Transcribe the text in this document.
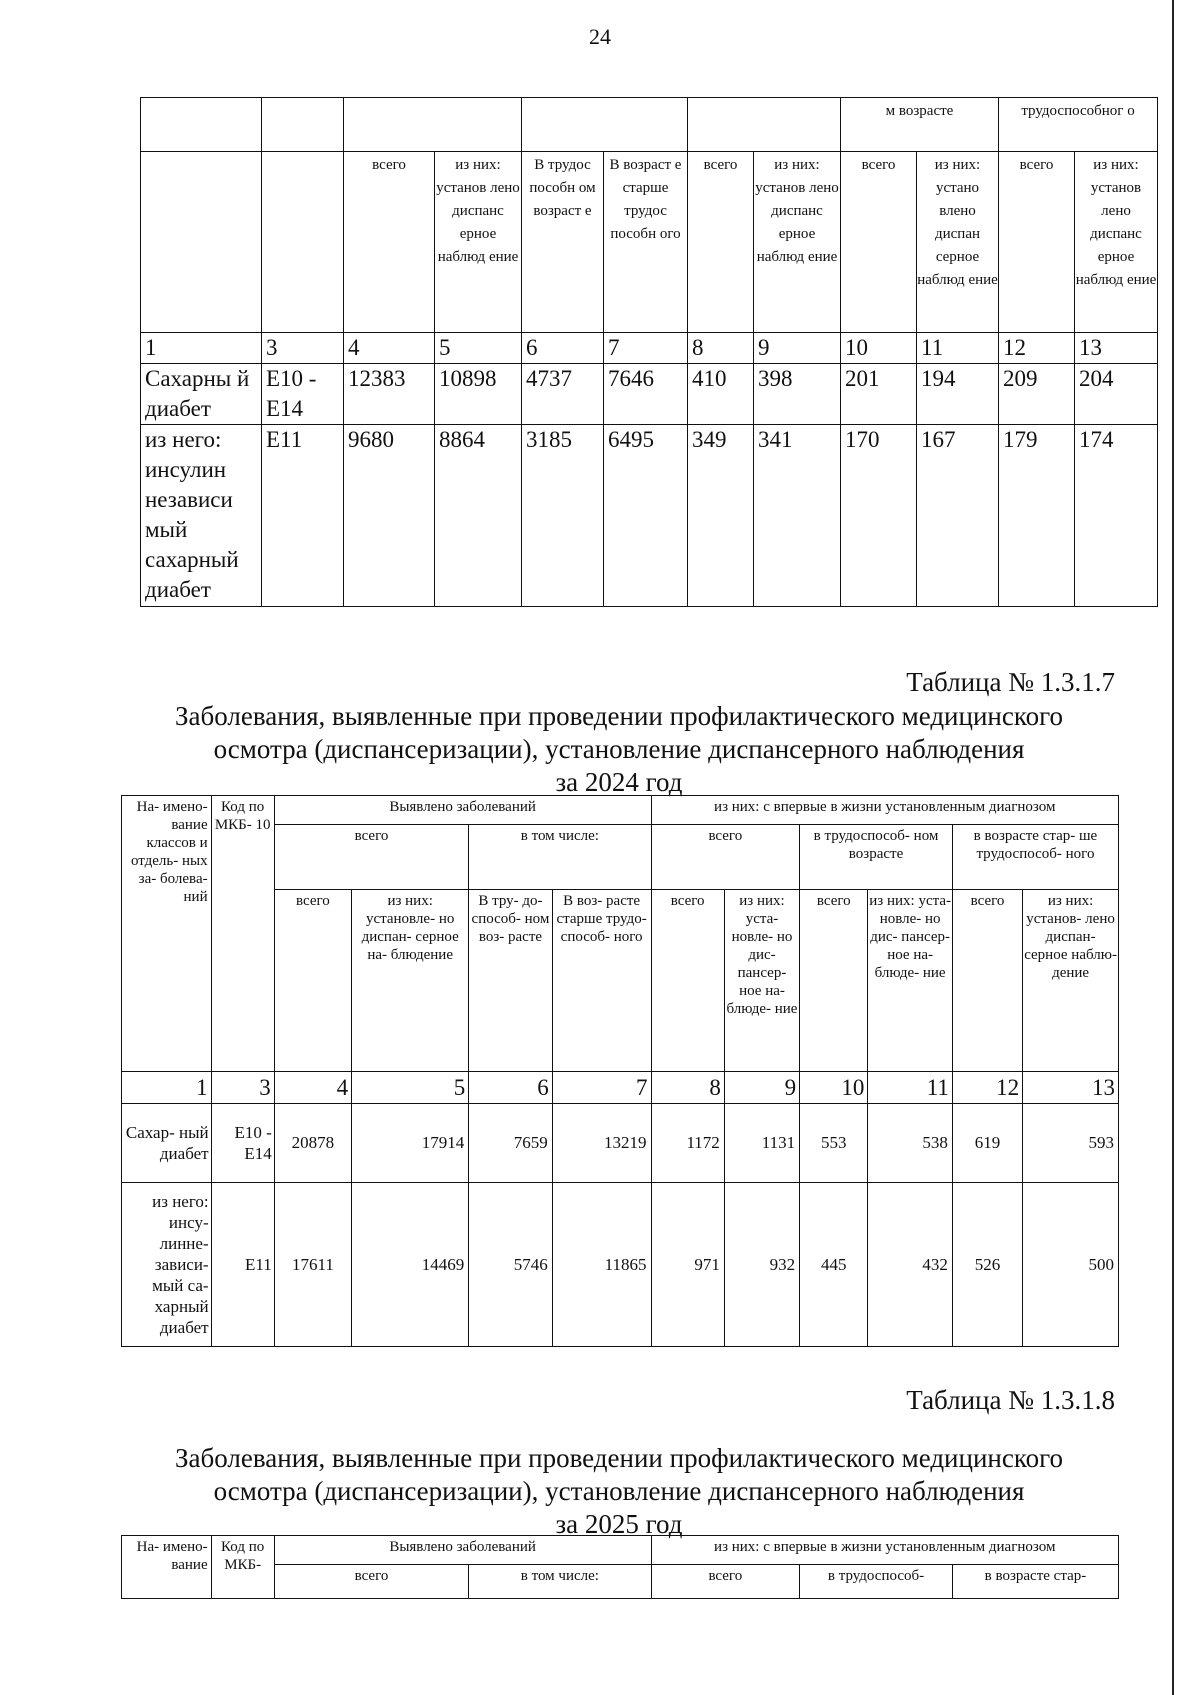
24
								м возрасте		трудоспособног о	
		всего	из них: установ лено диспанс ерное наблюд ение	В трудос пособн ом возраст е	В возраст е старше трудос пособн ого	всего	из них: установ лено диспанс ерное наблюд ение	всего	из них: устано влено диспан серное наблюд ение	всего	из них: установ лено диспанс ерное наблюд ение
1	3	4	5	6	7	8	9	10	11	12	13
Сахарны й диабет	E10 - E14	12383	10898	4737	7646	410	398	201	194	209	204
из него: инсулин независи мый сахарный диабет	E11	9680	8864	3185	6495	349	341	170	167	179	174
Таблица № 1.3.1.7
Заболевания, выявленные при проведении профилактического медицинского
осмотра (диспансеризации), установление диспансерного наблюдения
за 2024 год
На- имено- вание классов и отдель- ных за- болева- ний	Код по МКБ- 10	Выявлено заболеваний				из них: с впервые в жизни установленным диагнозом					
		всего		в том числе:		всего		в трудоспособ- ном возрасте		в возрасте стар- ше трудоспособ- ного	
		всего	из них: установле- но диспан- серное на- блюдение	В тру- до- способ- ном воз- расте	В воз- расте старше трудо- способ- ного	всего	из них: уста- новле- но дис- пансер- ное на- блюде- ние	всего	из них: уста- новле- но дис- пансер- ное на- блюде- ние	всего	из них: установ- лено диспан- серное наблю- дение
1	3	4	5	6	7	8	9	10	11	12	13
Сахар- ный диабет	E10 - E14	20878	17914	7659	13219	1172	1131	553	538	619	593
из него: инсу- линне- зависи- мый са- харный диабет	E11	17611	14469	5746	11865	971	932	445	432	526	500
Таблица № 1.3.1.8
Заболевания, выявленные при проведении профилактического медицинского
осмотра (диспансеризации), установление диспансерного наблюдения
за 2025 год
На- имено- вание	Код по МКБ-	Выявлено заболеваний		из них: с впервые в жизни установленным диагнозом		
		всего	в том числе:	всего	в трудоспособ-	в возрасте стар-
